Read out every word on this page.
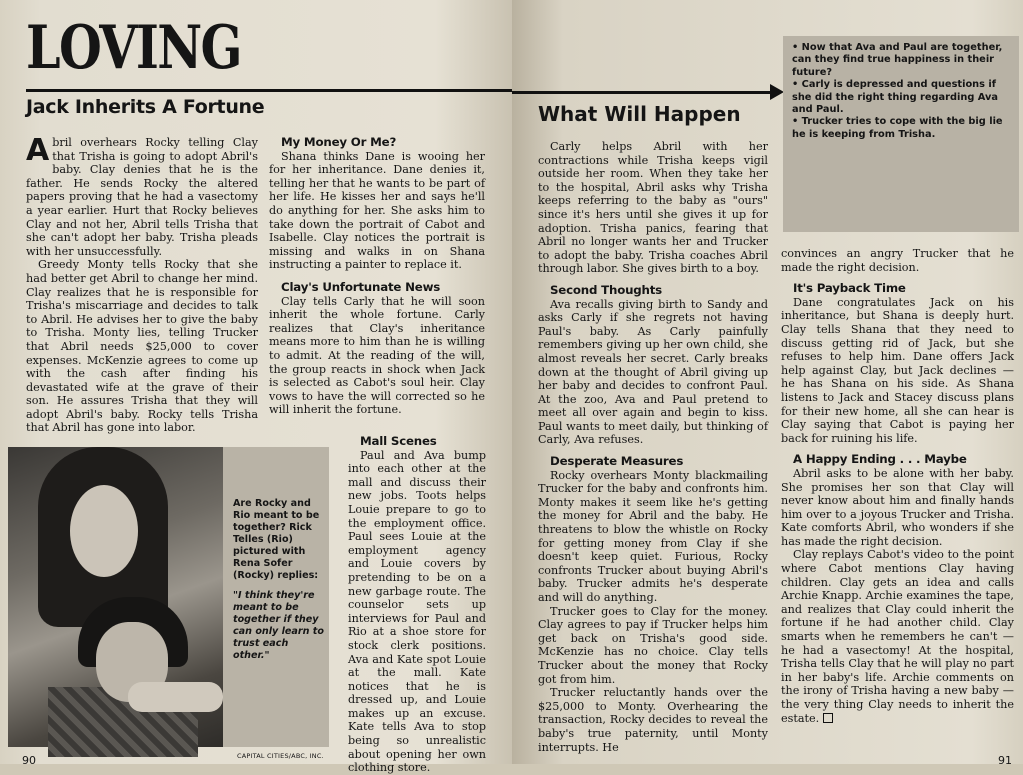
LOVING
Jack Inherits A Fortune

Abril overhears Rocky telling Clay that Trisha is going to adopt Abril's baby. Clay denies that he is the father. He sends Rocky the altered papers proving that he had a vasectomy a year earlier. Hurt that Rocky believes Clay and not her, Abril tells Trisha that she can't adopt her baby. Trisha pleads with her unsuccessfully.

Greedy Monty tells Rocky that she had better get Abril to change her mind. Clay realizes that he is responsible for Trisha's miscarriage and decides to talk to Abril. He advises her to give the baby to Trisha. Monty lies, telling Trucker that Abril needs $25,000 to cover expenses. McKenzie agrees to come up with the cash after finding his devastated wife at the grave of their son. He assures Trisha that they will adopt Abril's baby. Rocky tells Trisha that Abril has gone into labor.

My Money Or Me?

Shana thinks Dane is wooing her for her inheritance. Dane denies it, telling her that he wants to be part of her life. He kisses her and says he'll do anything for her. She asks him to take down the portrait of Cabot and Isabelle. Clay notices the portrait is missing and walks in on Shana instructing a painter to replace it.

Clay's Unfortunate News

Clay tells Carly that he will soon inherit the whole fortune. Carly realizes that Clay's inheritance means more to him than he is willing to admit. At the reading of the will, the group reacts in shock when Jack is selected as Cabot's soul heir. Clay vows to have the will corrected so he will inherit the fortune.

Mall Scenes

Paul and Ava bump into each other at the mall and discuss their new jobs. Toots helps Louie prepare to go to the employment office. Paul sees Louie at the employment agency and Louie covers by pretending to be on a new garbage route. The counselor sets up interviews for Paul and Rio at a shoe store for stock clerk positions. Ava and Kate spot Louie at the mall. Kate notices that he is dressed up, and Louie makes up an excuse. Kate tells Ava to stop being so unrealistic about opening her own clothing store.

Are Rocky and Rio meant to be together? Rick Telles (Rio) pictured with Rena Sofer (Rocky) replies:
"I think they're meant to be together if they can only learn to trust each other."
CAPITAL CITIES/ABC, INC.
90
What Will Happen
• Now that Ava and Paul are together, can they find true happiness in their future?
• Carly is depressed and questions if she did the right thing regarding Ava and Paul.
• Trucker tries to cope with the big lie he is keeping from Trisha.

Carly helps Abril with her contractions while Trisha keeps vigil outside her room. When they take her to the hospital, Abril asks why Trisha keeps referring to the baby as "ours" since it's hers until she gives it up for adoption. Trisha panics, fearing that Abril no longer wants her and Trucker to adopt the baby. Trisha coaches Abril through labor. She gives birth to a boy.

Second Thoughts

Ava recalls giving birth to Sandy and asks Carly if she regrets not having Paul's baby. As Carly painfully remembers giving up her own child, she almost reveals her secret. Carly breaks down at the thought of Abril giving up her baby and decides to confront Paul. At the zoo, Ava and Paul pretend to meet all over again and begin to kiss. Paul wants to meet daily, but thinking of Carly, Ava refuses.

Desperate Measures

Rocky overhears Monty blackmailing Trucker for the baby and confronts him. Monty makes it seem like he's getting the money for Abril and the baby. He threatens to blow the whistle on Rocky for getting money from Clay if she doesn't keep quiet. Furious, Rocky confronts Trucker about buying Abril's baby. Trucker admits he's desperate and will do anything.

Trucker goes to Clay for the money. Clay agrees to pay if Trucker helps him get back on Trisha's good side. McKenzie has no choice. Clay tells Trucker about the money that Rocky got from him.

Trucker reluctantly hands over the $25,000 to Monty. Overhearing the transaction, Rocky decides to reveal the baby's true paternity, until Monty interrupts. He

convinces an angry Trucker that he made the right decision.

It's Payback Time

Dane congratulates Jack on his inheritance, but Shana is deeply hurt. Clay tells Shana that they need to discuss getting rid of Jack, but she refuses to help him. Dane offers Jack help against Clay, but Jack declines — he has Shana on his side. As Shana listens to Jack and Stacey discuss plans for their new home, all she can hear is Clay saying that Cabot is paying her back for ruining his life.

A Happy Ending . . . Maybe

Abril asks to be alone with her baby. She promises her son that Clay will never know about him and finally hands him over to a joyous Trucker and Trisha. Kate comforts Abril, who wonders if she has made the right decision.

Clay replays Cabot's video to the point where Cabot mentions Clay having children. Clay gets an idea and calls Archie Knapp. Archie examines the tape, and realizes that Clay could inherit the fortune if he had another child. Clay smarts when he remembers he can't — he had a vasectomy! At the hospital, Trisha tells Clay that he will play no part in her baby's life. Archie comments on the irony of Trisha having a new baby — the very thing Clay needs to inherit the estate.

91
